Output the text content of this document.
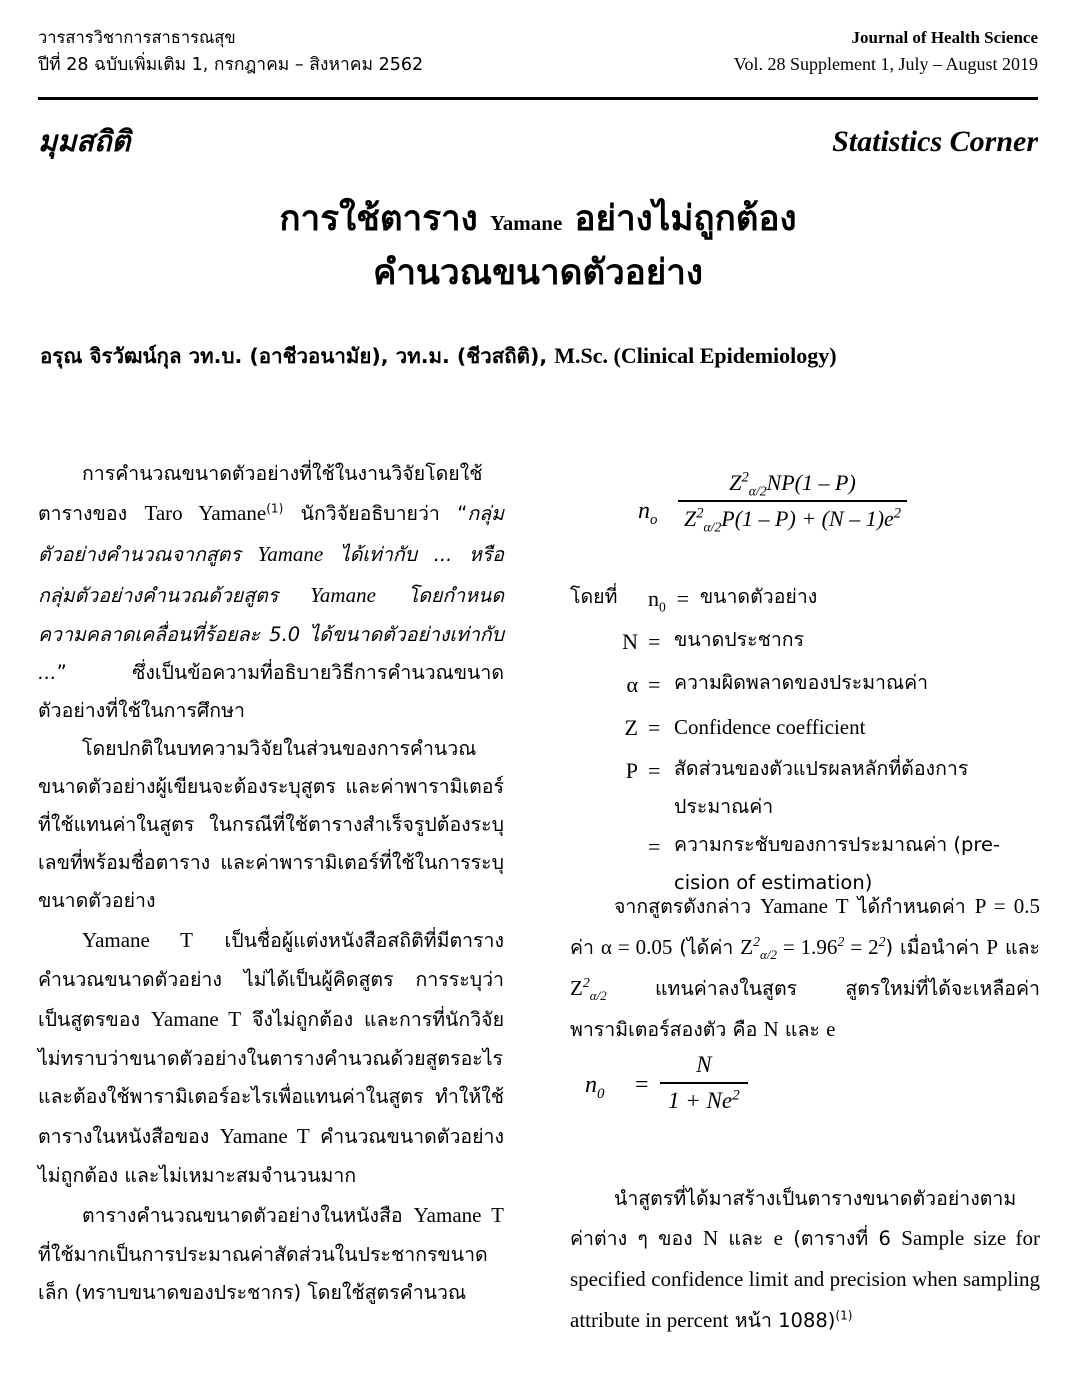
วารสารวิชาการสาธารณสุข	Journal of Health Science
ปีที่ 28 ฉบับเพิ่มเติม 1, กรกฎาคม – สิงหาคม 2562	Vol. 28 Supplement 1, July – August 2019
มุมสถิติ	Statistics Corner
การใช้ตาราง Yamane อย่างไม่ถูกต้อง
คำนวณขนาดตัวอย่าง
อรุณ จิรวัฒน์กุล วท.บ. (อาชีวอนามัย), วท.ม. (ชีวสถิติ), M.Sc. (Clinical Epidemiology)

การคำนวณขนาดตัวอย่างที่ใช้ในงานวิจัยโดยใช้ตารางของ Taro Yamane$^{(1)}$ นักวิจัยอธิบายว่า “กลุ่มตัวอย่างคำนวณจากสูตร Yamane ได้เท่ากับ ... หรือ กลุ่มตัวอย่างคำนวณด้วยสูตร Yamane โดยกำหนดความคลาดเคลื่อนที่ร้อยละ 5.0 ได้ขนาดตัวอย่างเท่ากับ ...” ซึ่งเป็นข้อความที่อธิบายวิธีการคำนวณขนาดตัวอย่างที่ใช้ในการศึกษา

โดยปกติในบทความวิจัยในส่วนของการคำนวณขนาดตัวอย่างผู้เขียนจะต้องระบุสูตร และค่าพารามิเตอร์ที่ใช้แทนค่าในสูตร ในกรณีที่ใช้ตารางสำเร็จรูปต้องระบุเลขที่พร้อมชื่อตาราง และค่าพารามิเตอร์ที่ใช้ในการระบุขนาดตัวอย่าง

Yamane T เป็นชื่อผู้แต่งหนังสือสถิติที่มีตารางคำนวณขนาดตัวอย่าง ไม่ได้เป็นผู้คิดสูตร การระบุว่าเป็นสูตรของ Yamane T จึงไม่ถูกต้อง และการที่นักวิจัยไม่ทราบว่าขนาดตัวอย่างในตารางคำนวณด้วยสูตรอะไร และต้องใช้พารามิเตอร์อะไรเพื่อแทนค่าในสูตร ทำให้ใช้ตารางในหนังสือของ Yamane T คำนวณขนาดตัวอย่างไม่ถูกต้อง และไม่เหมาะสมจำนวนมาก

ตารางคำนวณขนาดตัวอย่างในหนังสือ Yamane T ที่ใช้มากเป็นการประมาณค่าสัดส่วนในประชากรขนาดเล็ก (ทราบขนาดของประชากร) โดยใช้สูตรคำนวณ

$n_o$
$Z^2_{\alpha/2}NP(1 - P)$
$Z^2_{\alpha/2}P(1 - P) + (N - 1)e^2$
โดยที่	$n_0$ = ขนาดตัวอย่าง
N = ขนาดประชากร
α = ความผิดพลาดของประมาณค่า
Z = Confidence coefficient
P = สัดส่วนของตัวแปรผลหลักที่ต้องการประมาณค่า
= ความกระชับของการประมาณค่า (pre-cision of estimation)

จากสูตรดังกล่าว Yamane T ได้กำหนดค่า P = 0.5 ค่า α = 0.05 (ได้ค่า $Z^2_{\alpha/2} = 1.96^2 = 2^2$) เมื่อนำค่า P และ $Z^2_{\alpha/2}$ แทนค่าลงในสูตร สูตรใหม่ที่ได้จะเหลือค่าพารามิเตอร์สองตัว คือ N และ e

$n_0$ =
N
$1 + Ne^2$

นำสูตรที่ได้มาสร้างเป็นตารางขนาดตัวอย่างตามค่าต่าง ๆ ของ N และ e (ตารางที่ 6 Sample size for specified confidence limit and precision when sampling attribute in percent หน้า 1088)$^{(1)}$
